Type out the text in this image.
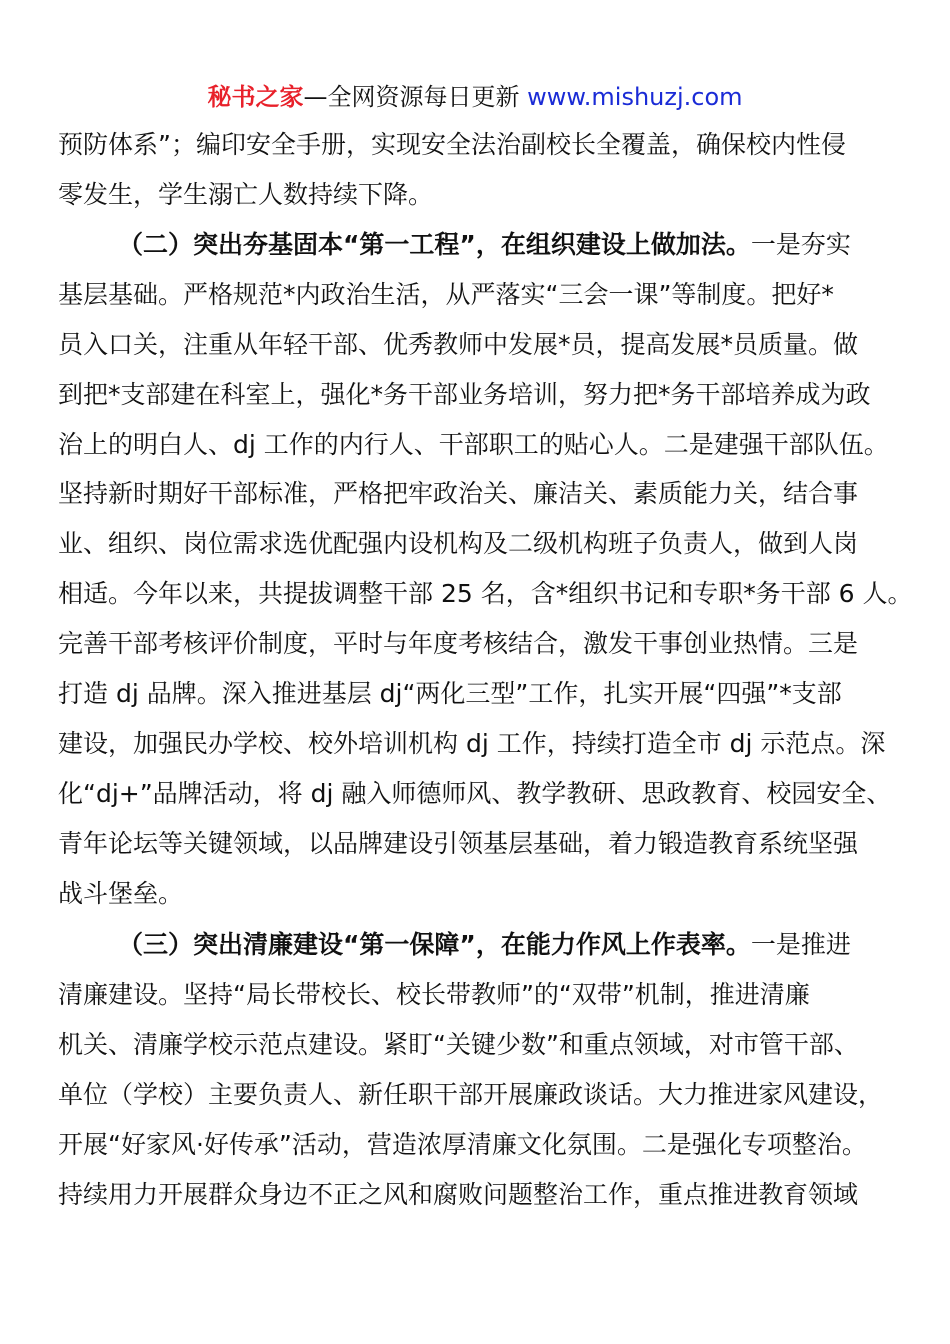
秘书之家—全网资源每日更新 www.mishuzj.com
预防体系”；编印安全手册，实现安全法治副校长全覆盖，确保校内性侵
零发生，学生溺亡人数持续下降。
（二）突出夯基固本“第一工程”，在组织建设上做加法。一是夯实
基层基础。严格规范*内政治生活，从严落实“三会一课”等制度。把好*
员入口关，注重从年轻干部、优秀教师中发展*员，提高发展*员质量。做
到把*支部建在科室上，强化*务干部业务培训，努力把*务干部培养成为政
治上的明白人、dj 工作的内行人、干部职工的贴心人。二是建强干部队伍。
坚持新时期好干部标准，严格把牢政治关、廉洁关、素质能力关，结合事
业、组织、岗位需求选优配强内设机构及二级机构班子负责人，做到人岗
相适。今年以来，共提拔调整干部 25 名，含*组织书记和专职*务干部 6 人。
完善干部考核评价制度，平时与年度考核结合，激发干事创业热情。三是
打造 dj 品牌。深入推进基层 dj“两化三型”工作，扎实开展“四强”*支部
建设，加强民办学校、校外培训机构 dj 工作，持续打造全市 dj 示范点。深
化“dj+”品牌活动，将 dj 融入师德师风、教学教研、思政教育、校园安全、
青年论坛等关键领域，以品牌建设引领基层基础，着力锻造教育系统坚强
战斗堡垒。
（三）突出清廉建设“第一保障”，在能力作风上作表率。一是推进
清廉建设。坚持“局长带校长、校长带教师”的“双带”机制，推进清廉
机关、清廉学校示范点建设。紧盯“关键少数”和重点领域，对市管干部、
单位（学校）主要负责人、新任职干部开展廉政谈话。大力推进家风建设，
开展“好家风·好传承”活动，营造浓厚清廉文化氛围。二是强化专项整治。
持续用力开展群众身边不正之风和腐败问题整治工作，重点推进教育领域
